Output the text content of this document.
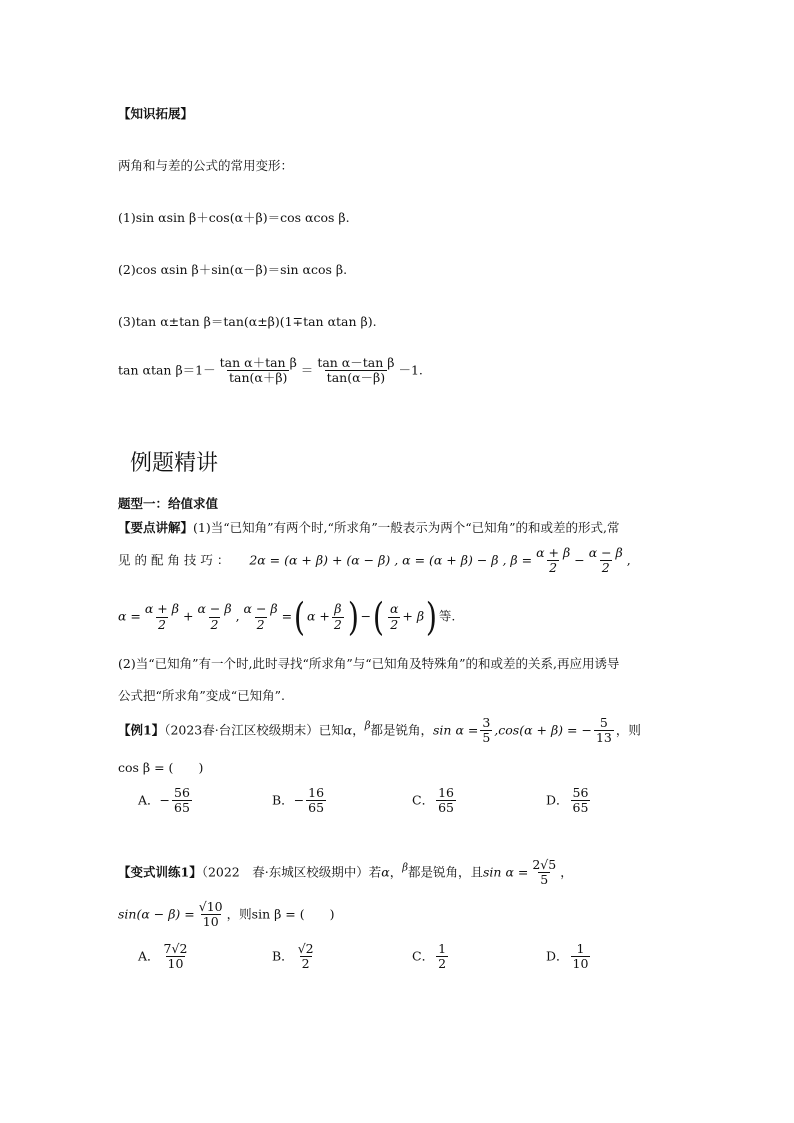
【知识拓展】
两角和与差的公式的常用变形：
(1)sin αsin β＋cos(α＋β)＝cos αcos β.
(2)cos αsin β＋sin(α－β)＝sin αcos β.
(3)tan α±tan β＝tan(α±β)(1∓tan αtan β).
tan αtan $\beta=1- \frac{\text{tan α＋tan β}}{\tan(\alpha+\beta)} = \frac{\text{tan α－tan β}}{\tan(\alpha-\beta)} -1$.
例题精讲
题型一：给值求值
【要点讲解】(1)当“已知角”有两个时,“所求角”一般表示为两个“已知角”的和或差的形式,常
见 的 配 角 技 巧 ： 2α = (α + β) + (α − β) , α = (α + β) − β , $\beta = \frac{\alpha + \beta}{2} - \frac{\alpha - \beta}{2}$ ,
$\alpha = \frac{\alpha + \beta}{2} + \frac{\alpha - \beta}{2}$ , $\frac{\alpha - \beta}{2}$ =( $\alpha + \frac{\beta}{2}$ ) −( $\frac{\alpha}{2} + \beta$) 等.
(2)当“已知角”有一个时,此时寻找“所求角”与“已知角及特殊角”的和或差的关系,再应用诱导
公式把“所求角”变成“已知角”.
【例1】（2023春·台江区校级期末）已知α，$^\beta$都是锐角，$\sin \alpha = \frac{3}{5} ,\cos(\alpha + \beta)$ = − $\frac{5}{13}$ ，则
cos β = (　　)
A．− $\frac{56}{65}$	B．− $\frac{16}{65}$	C． $\frac{16}{65}$	D． $\frac{56}{65}$
【变式训练1】（2022　春·东城区校级期中）若α，$^\beta$都是锐角，且$\sin \alpha = \frac{2√5}{5}$ ，
$\sin(\alpha - \beta) = \frac{√10}{10}$ ，则sin β = (　　)
A． $\frac{7√2}{10}$	B． $\frac{√2}{2}$	C． $\frac{1}{2}$	D． $\frac{1}{10}$
